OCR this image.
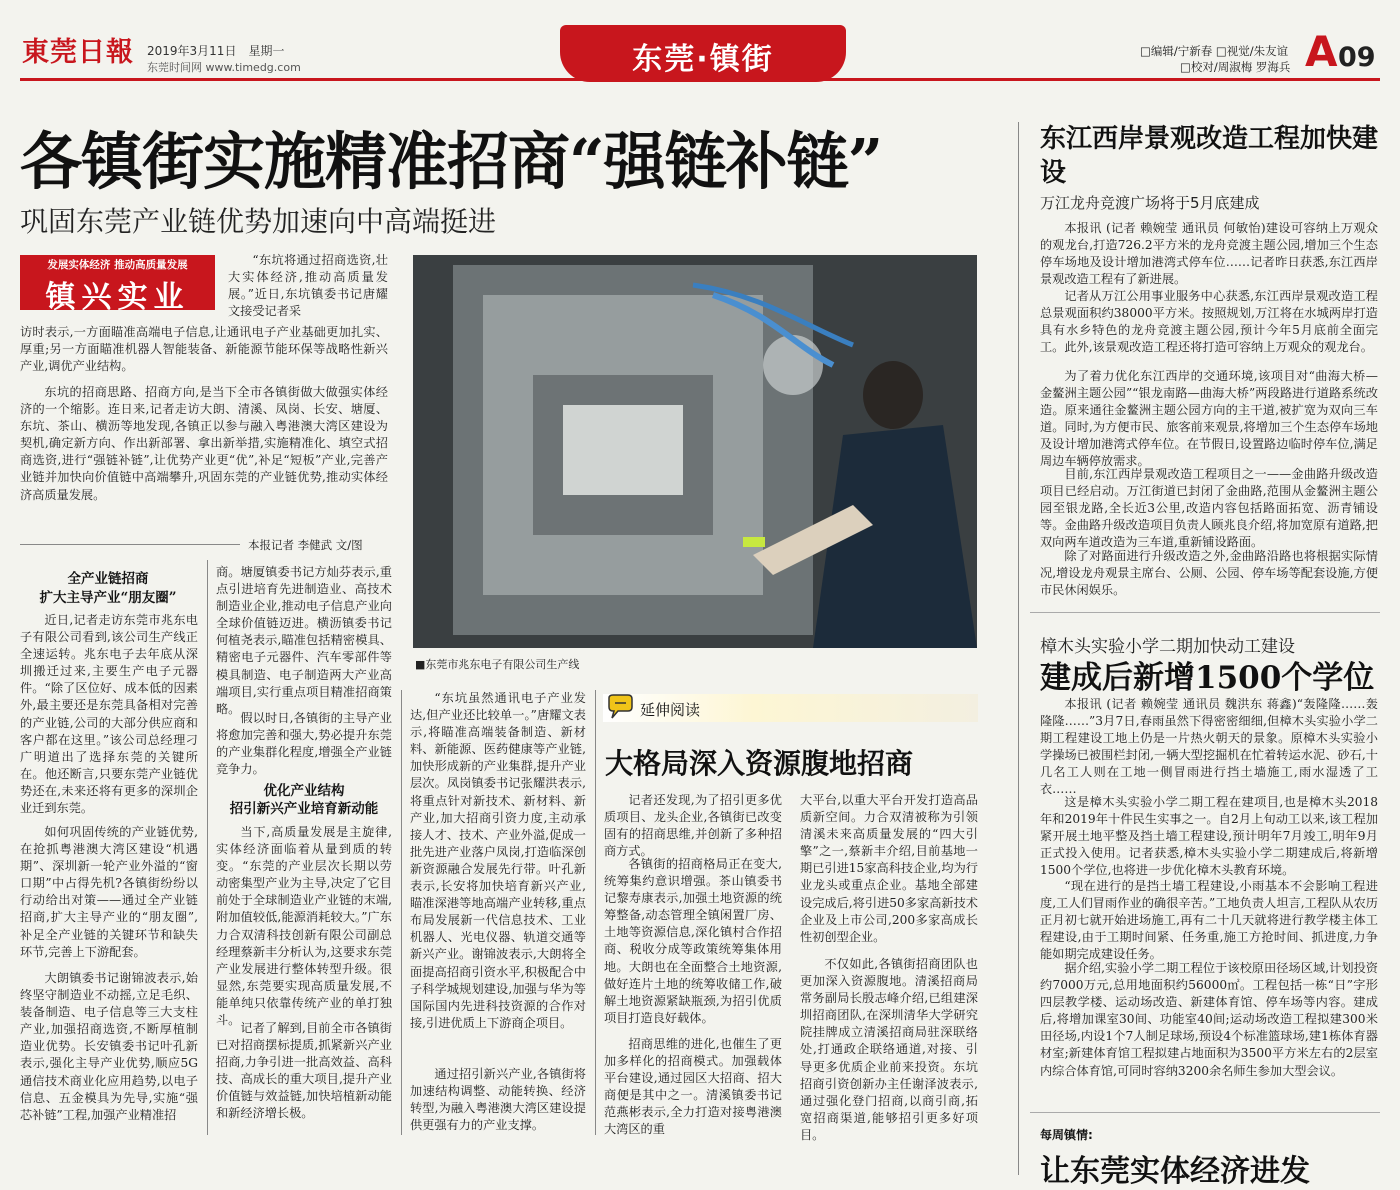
東莞日報	2019年3月11日　星期一
东莞时间网 www.timedg.com	东莞·镇街	□编辑/宁新春 □视觉/朱友谊
□校对/周淑梅 罗海兵 A 09
各镇街实施精准招商“强链补链”
巩固东莞产业链优势加速向中高端挺进
发展实体经济 推动高质量发展
镇兴实业

“东坑将通过招商选资,壮大实体经济,推动高质量发展。”近日,东坑镇委书记唐耀文接受记者采

访时表示,一方面瞄准高端电子信息,让通讯电子产业基础更加扎实、厚重;另一方面瞄准机器人智能装备、新能源节能环保等战略性新兴产业,调优产业结构。

东坑的招商思路、招商方向,是当下全市各镇街做大做强实体经济的一个缩影。连日来,记者走访大朗、清溪、凤岗、长安、塘厦、东坑、茶山、横沥等地发现,各镇正以参与融入粤港澳大湾区建设为契机,确定新方向、作出新部署、拿出新举措,实施精准化、填空式招商选资,进行“强链补链”,让优势产业更“优”,补足“短板”产业,完善产业链并加快向价值链中高端攀升,巩固东莞的产业链优势,推动实体经济高质量发展。

本报记者 李健武 文/图
■东莞市兆东电子有限公司生产线
全产业链招商
扩大主导产业“朋友圈”

近日,记者走访东莞市兆东电子有限公司看到,该公司生产线正全速运转。兆东电子去年底从深圳搬迁过来,主要生产电子元器件。“除了区位好、成本低的因素外,最主要还是东莞具备相对完善的产业链,公司的大部分供应商和客户都在这里。”该公司总经理刁广明道出了选择东莞的关键所在。他还断言,只要东莞产业链优势还在,未来还将有更多的深圳企业迁到东莞。

如何巩固传统的产业链优势,在抢抓粤港澳大湾区建设“机遇期”、深圳新一轮产业外溢的“窗口期”中占得先机?各镇街纷纷以行动给出对策——通过全产业链招商,扩大主导产业的“朋友圈”,补足全产业链的关键环节和缺失环节,完善上下游配套。

大朗镇委书记谢锦波表示,始终坚守制造业不动摇,立足毛织、装备制造、电子信息等三大支柱产业,加强招商选资,不断厚植制造业优势。长安镇委书记叶孔新表示,强化主导产业优势,顺应5G通信技术商业化应用趋势,以电子信息、五金模具为先导,实施“强芯补链”工程,加强产业精准招

商。塘厦镇委书记方灿芬表示,重点引进培育先进制造业、高技术制造业企业,推动电子信息产业向全球价值链迈进。横沥镇委书记何植尧表示,瞄准包括精密模具、精密电子元器件、汽车零部件等模具制造、电子制造两大产业高端项目,实行重点项目精准招商策略。

假以时日,各镇街的主导产业将愈加完善和强大,势必提升东莞的产业集群化程度,增强全产业链竞争力。

优化产业结构
招引新兴产业培育新动能

当下,高质量发展是主旋律,实体经济面临着从量到质的转变。“东莞的产业层次长期以劳动密集型产业为主导,决定了它目前处于全球制造业产业链的末端,附加值较低,能源消耗较大。”广东力合双清科技创新有限公司副总经理蔡新丰分析认为,这要求东莞产业发展进行整体转型升级。很显然,东莞要实现高质量发展,不能单纯只依靠传统产业的单打独斗。

记者了解到,目前全市各镇街已对招商摆标提质,抓紧新兴产业招商,力争引进一批高效益、高科技、高成长的重大项目,提升产业价值链与效益链,加快培植新动能和新经济增长极。

“东坑虽然通讯电子产业发达,但产业还比较单一。”唐耀文表示,将瞄准高端装备制造、新材料、新能源、医药健康等产业链,加快形成新的产业集群,提升产业层次。凤岗镇委书记张耀洪表示,将重点针对新技术、新材料、新产业,加大招商引资力度,主动承接人才、技术、产业外溢,促成一批先进产业落户凤岗,打造临深创新资源融合发展先行带。叶孔新表示,长安将加快培育新兴产业,瞄准深港等地高端产业转移,重点布局发展新一代信息技术、工业机器人、光电仪器、轨道交通等新兴产业。谢锦波表示,大朗将全面提高招商引资水平,积极配合中子科学城规划建设,加强与华为等国际国内先进科技资源的合作对接,引进优质上下游商企项目。

通过招引新兴产业,各镇街将加速结构调整、动能转换、经济转型,为融入粤港澳大湾区建设提供更强有力的产业支撑。

延伸阅读
大格局深入资源腹地招商

记者还发现,为了招引更多优质项目、龙头企业,各镇街已改变固有的招商思维,并创新了多种招商方式。

各镇街的招商格局正在变大,统筹集约意识增强。茶山镇委书记黎寿康表示,加强土地资源的统筹整备,动态管理全镇闲置厂房、土地等资源信息,深化镇村合作招商、税收分成等政策统筹集体用地。大朗也在全面整合土地资源,做好连片土地的统筹收储工作,破解土地资源紧缺瓶颈,为招引优质项目打造良好载体。

招商思维的进化,也催生了更加多样化的招商模式。加强载体平台建设,通过园区大招商、招大商便是其中之一。清溪镇委书记范燕彬表示,全力打造对接粤港澳大湾区的重

大平台,以重大平台开发打造高品质新空间。力合双清被称为引领清溪未来高质量发展的“四大引擎”之一,蔡新丰介绍,目前基地一期已引进15家高科技企业,均为行业龙头或重点企业。基地全部建设完成后,将引进50多家高新技术企业及上市公司,200多家高成长性初创型企业。

不仅如此,各镇街招商团队也更加深入资源腹地。清溪招商局常务副局长殷志峰介绍,已组建深圳招商团队,在深圳清华大学研究院挂牌成立清溪招商局驻深联络处,打通政企联络通道,对接、引导更多优质企业前来投资。东坑招商引资创新办主任谢泽波表示,通过强化登门招商,以商引商,拓宽招商渠道,能够招引更多好项目。

东江西岸景观改造工程加快建设
万江龙舟竞渡广场将于5月底建成

本报讯 (记者 赖婉莹 通讯员 何敏怡)建设可容纳上万观众的观龙台,打造726.2平方米的龙舟竞渡主题公园,增加三个生态停车场地及设计增加港湾式停车位……记者昨日获悉,东江西岸景观改造工程有了新进展。

记者从万江公用事业服务中心获悉,东江西岸景观改造工程总景观面积约38000平方米。按照规划,万江将在水城两岸打造具有水乡特色的龙舟竞渡主题公园,预计今年5月底前全面完工。此外,该景观改造工程还将打造可容纳上万观众的观龙台。

为了着力优化东江西岸的交通环境,该项目对“曲海大桥—金鳌洲主题公园”“银龙南路—曲海大桥”两段路进行道路系统改造。原来通往金鳌洲主题公园方向的主干道,被扩宽为双向三车道。同时,为方便市民、旅客前来观景,将增加三个生态停车场地及设计增加港湾式停车位。在节假日,设置路边临时停车位,满足周边车辆停放需求。

目前,东江西岸景观改造工程项目之一——金曲路升级改造项目已经启动。万江街道已封闭了金曲路,范围从金鳌洲主题公园至银龙路,全长近3公里,改造内容包括路面拓宽、沥青铺设等。金曲路升级改造项目负责人顾兆良介绍,将加宽原有道路,把双向两车道改造为三车道,重新铺设路面。

除了对路面进行升级改造之外,金曲路沿路也将根据实际情况,增设龙舟观景主席台、公厕、公园、停车场等配套设施,方便市民休闲娱乐。

樟木头实验小学二期加快动工建设
建成后新增1500个学位

本报讯 (记者 赖婉莹 通讯员 魏洪东 蒋鑫)“轰隆隆……轰隆隆……”3月7日,春雨虽然下得密密细细,但樟木头实验小学二期工程建设工地上仍是一片热火朝天的景象。原樟木头实验小学操场已被围栏封闭,一辆大型挖掘机在忙着转运水泥、砂石,十几名工人则在工地一侧冒雨进行挡土墙施工,雨水湿透了工衣……

这是樟木头实验小学二期工程在建项目,也是樟木头2018年和2019年十件民生实事之一。自2月上旬动工以来,该工程加紧开展土地平整及挡土墙工程建设,预计明年7月竣工,明年9月正式投入使用。记者获悉,樟木头实验小学二期建成后,将新增1500个学位,也将进一步优化樟木头教育环境。

“现在进行的是挡土墙工程建设,小雨基本不会影响工程进度,工人们冒雨作业的确很辛苦。”工地负责人坦言,工程队从农历正月初七就开始进场施工,再有二十几天就将进行教学楼主体工程建设,由于工期时间紧、任务重,施工方抢时间、抓进度,力争能如期完成建设任务。

据介绍,实验小学二期工程位于该校原田径场区域,计划投资约7000万元,总用地面积约56000㎡。工程包括一栋“日”字形四层教学楼、运动场改造、新建体育馆、停车场等内容。建成后,将增加课室30间、功能室40间;运动场改造工程拟建300米田径场,内设1个7人制足球场,预设4个标准篮球场,建1栋体育器材室;新建体育馆工程拟建占地面积为3500平方米左右的2层室内综合体育馆,可同时容纳3200余名师生参加大型会议。

每周镇情:
让东莞实体经济进发
